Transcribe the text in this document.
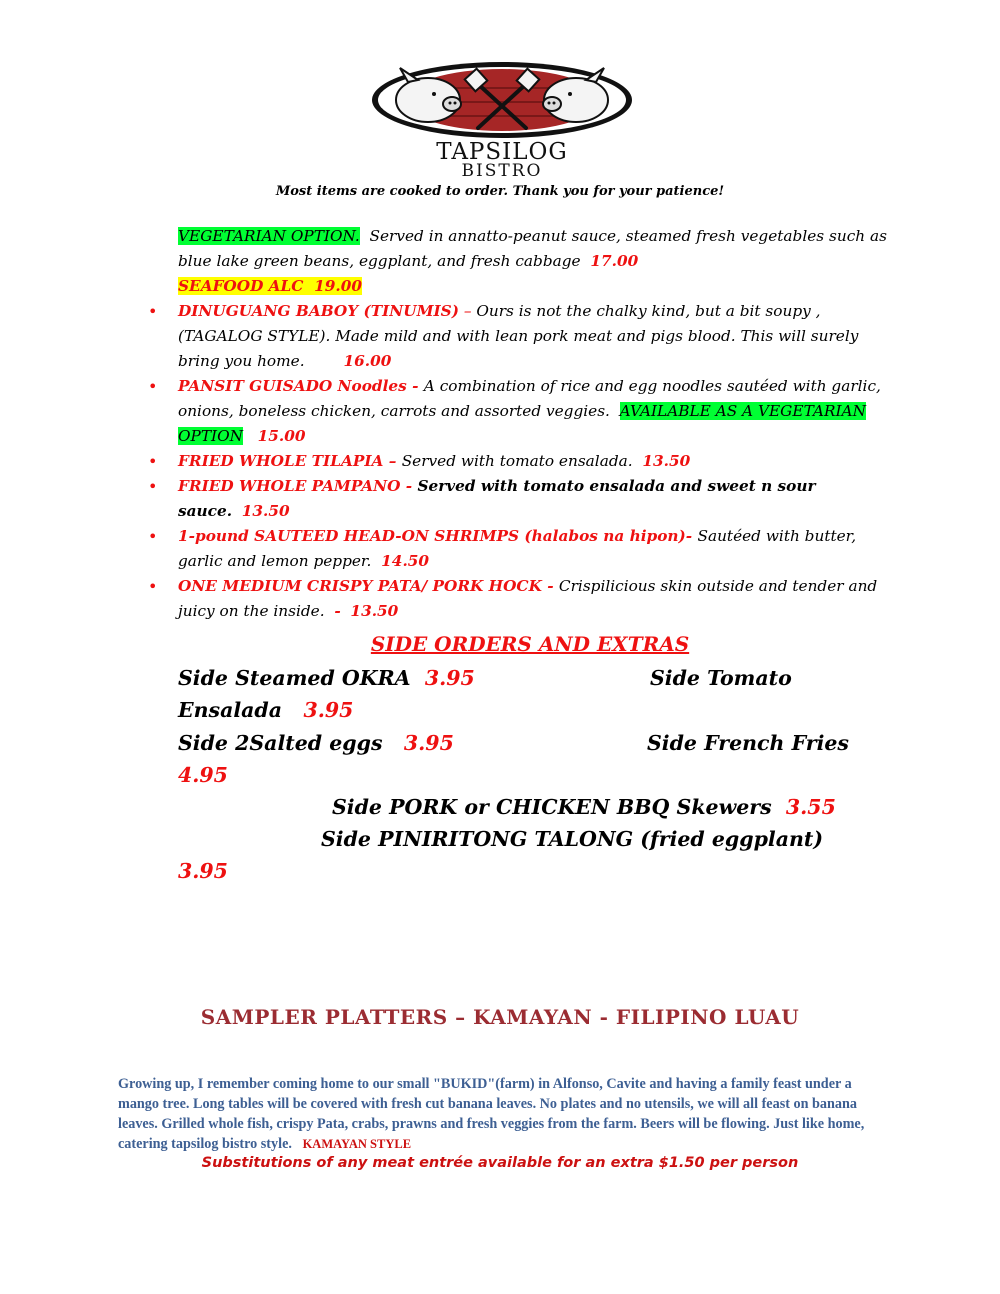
TAPSILOG
BISTRO
Most items are cooked to order. Thank you for your patience!

VEGETARIAN OPTION. Served in annatto-peanut sauce, steamed fresh vegetables such as blue lake green beans, eggplant, and fresh cabbage 17.00

SEAFOOD ALC 19.00

• DINUGUANG BABOY (TINUMIS) – Ours is not the chalky kind, but a bit soupy , (TAGALOG STYLE). Made mild and with lean pork meat and pigs blood. This will surely bring you home.	16.00

• PANSIT GUISADO Noodles - A combination of rice and egg noodles sautéed with garlic, onions, boneless chicken, carrots and assorted veggies. AVAILABLE AS A VEGETARIAN OPTION 15.00

• FRIED WHOLE TILAPIA – Served with tomato ensalada. 13.50

• FRIED WHOLE PAMPANO - Served with tomato ensalada and sweet n sour sauce. 13.50

• 1-pound SAUTEED HEAD-ON SHRIMPS (halabos na hipon)- Sautéed with butter, garlic and lemon pepper. 14.50

• ONE MEDIUM CRISPY PATA/ PORK HOCK - Crispilicious skin outside and tender and juicy on the inside. - 13.50

SIDE ORDERS AND EXTRAS
Side Steamed OKRA 3.95	Side Tomato
Ensalada 3.95
Side 2Salted eggs 3.95	Side French Fries
4.95
Side PORK or CHICKEN BBQ Skewers 3.55
Side PINIRITONG TALONG (fried eggplant)
3.95
SAMPLER PLATTERS – KAMAYAN - FILIPINO LUAU
Growing up, I remember coming home to our small "BUKID"(farm) in Alfonso, Cavite and having a family feast under a mango tree. Long tables will be covered with fresh cut banana leaves. No plates and no utensils, we will all feast on banana leaves. Grilled whole fish, crispy Pata, crabs, prawns and fresh veggies from the farm. Beers will be flowing. Just like home, catering tapsilog bistro style. KAMAYAN STYLE
Substitutions of any meat entrée available for an extra $1.50 per person
